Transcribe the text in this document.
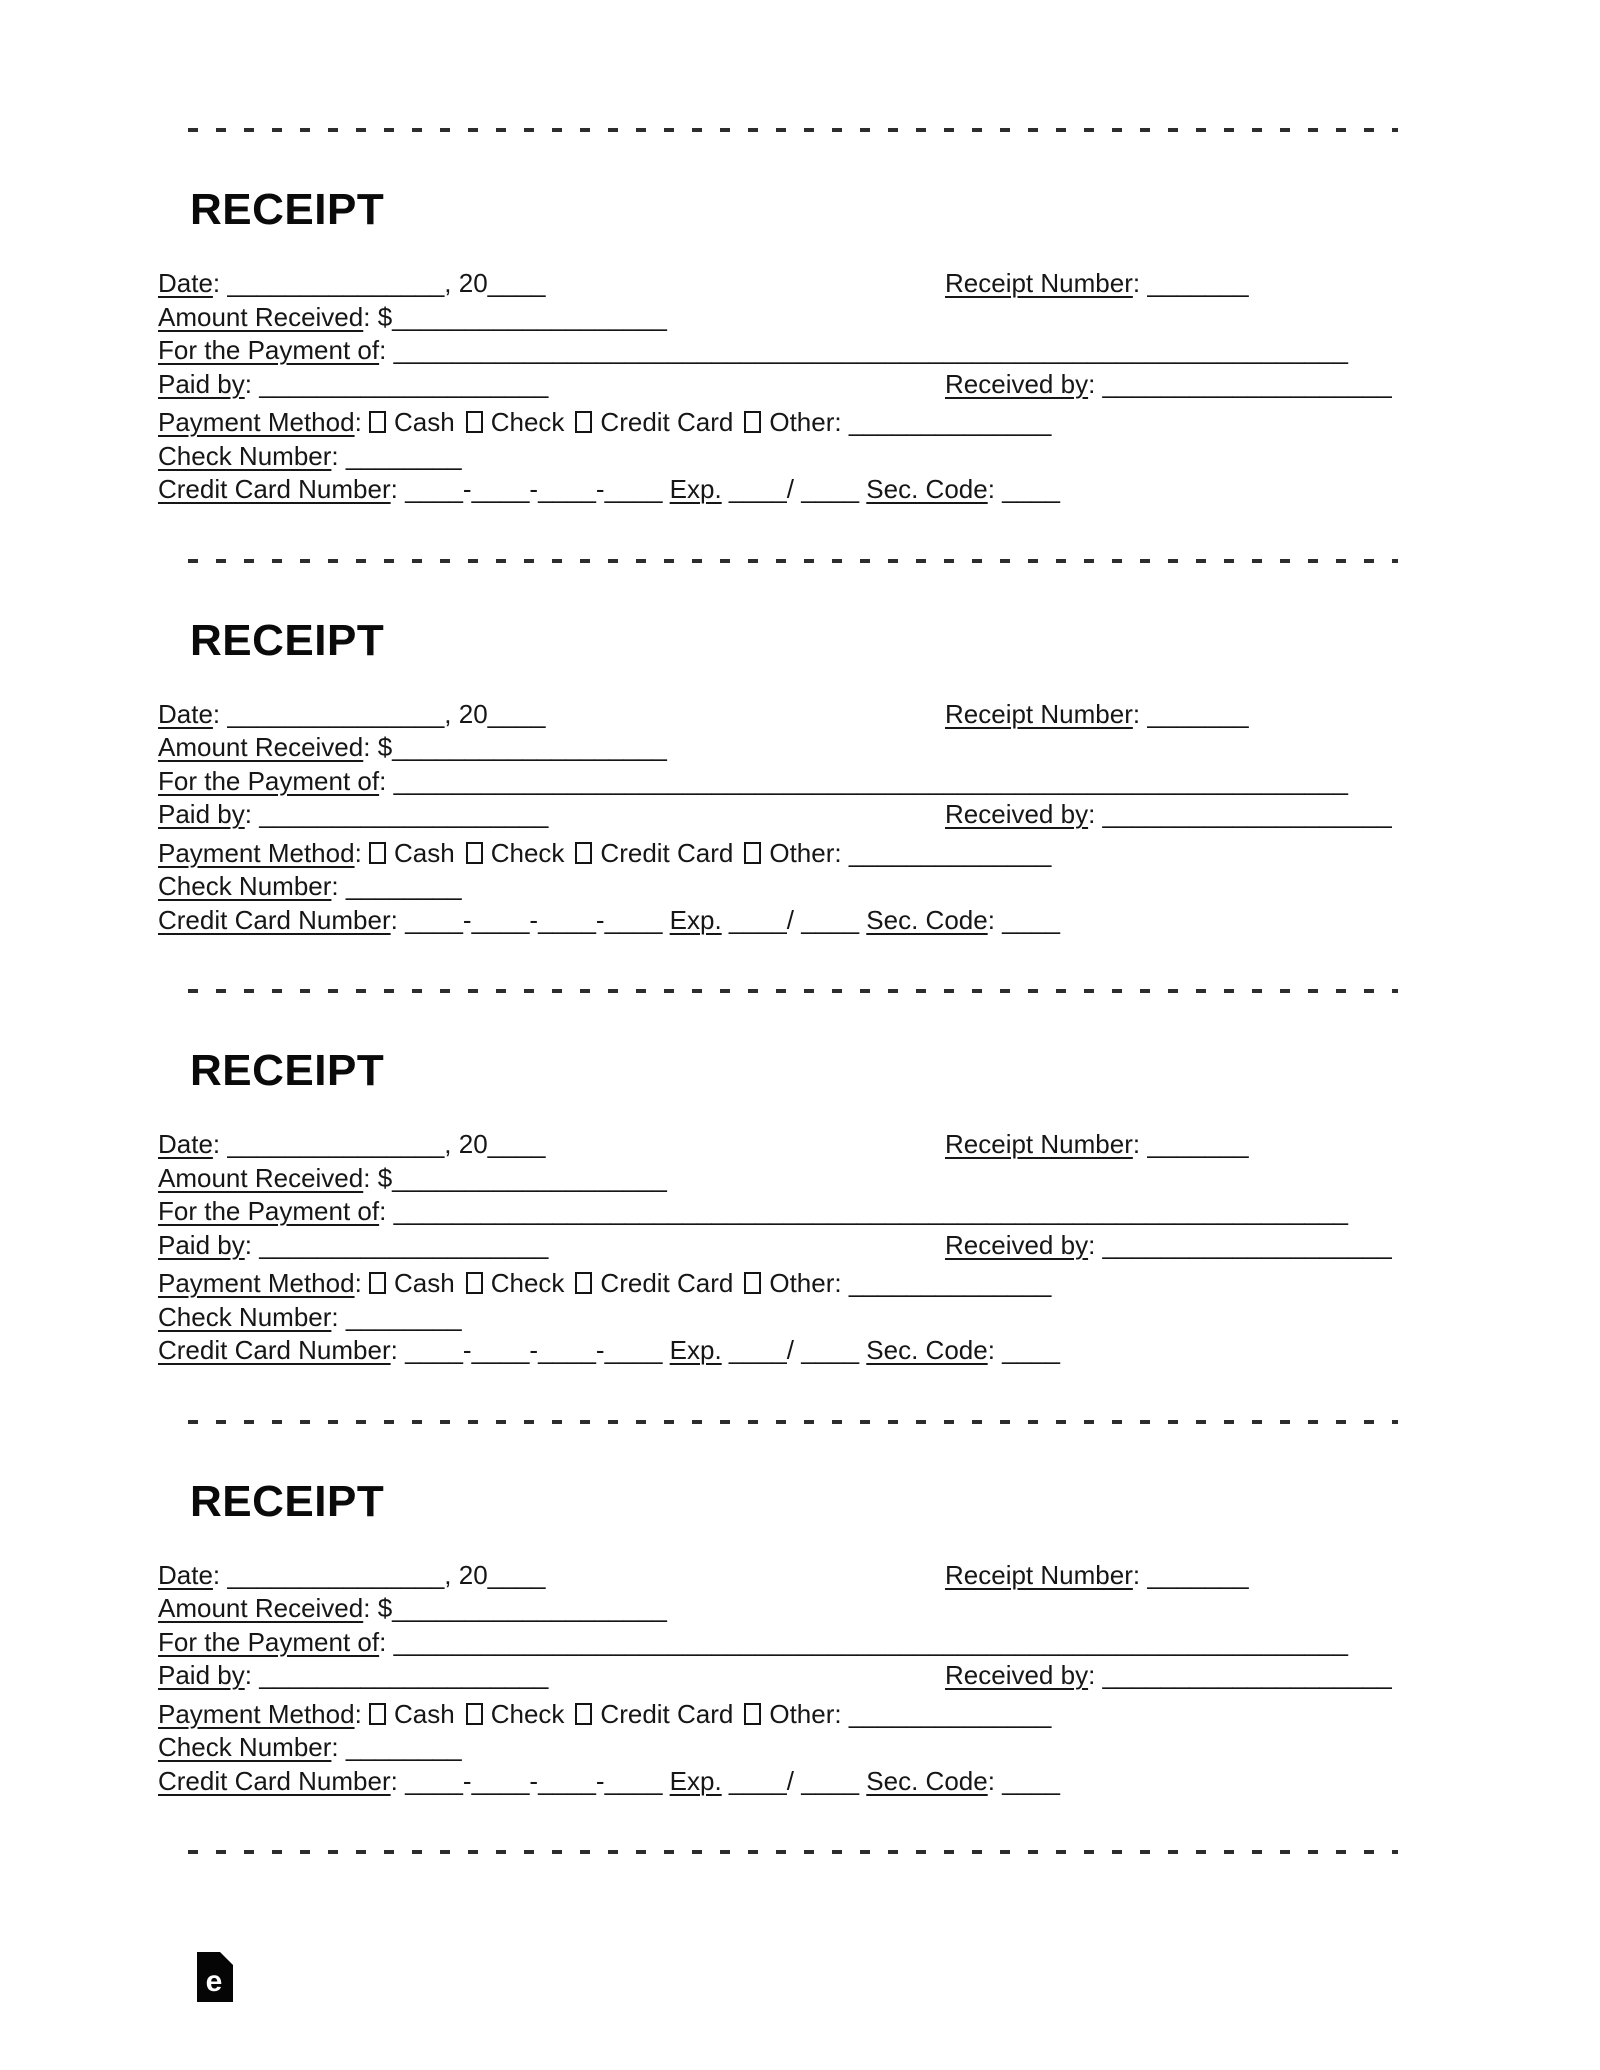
RECEIPT
Date: _______________, 20____	Receipt Number: _______
Amount Received: $___________________
For the Payment of: __________________________________________________________________
Paid by: ____________________	Received by: ____________________
Payment Method: Cash Check Credit Card Other: ______________
Check Number: ________
Credit Card Number: ____-____-____-____ Exp. ____/ ____ Sec. Code: ____
RECEIPT
Date: _______________, 20____	Receipt Number: _______
Amount Received: $___________________
For the Payment of: __________________________________________________________________
Paid by: ____________________	Received by: ____________________
Payment Method: Cash Check Credit Card Other: ______________
Check Number: ________
Credit Card Number: ____-____-____-____ Exp. ____/ ____ Sec. Code: ____
RECEIPT
Date: _______________, 20____	Receipt Number: _______
Amount Received: $___________________
For the Payment of: __________________________________________________________________
Paid by: ____________________	Received by: ____________________
Payment Method: Cash Check Credit Card Other: ______________
Check Number: ________
Credit Card Number: ____-____-____-____ Exp. ____/ ____ Sec. Code: ____
RECEIPT
Date: _______________, 20____	Receipt Number: _______
Amount Received: $___________________
For the Payment of: __________________________________________________________________
Paid by: ____________________	Received by: ____________________
Payment Method: Cash Check Credit Card Other: ______________
Check Number: ________
Credit Card Number: ____-____-____-____ Exp. ____/ ____ Sec. Code: ____
e
